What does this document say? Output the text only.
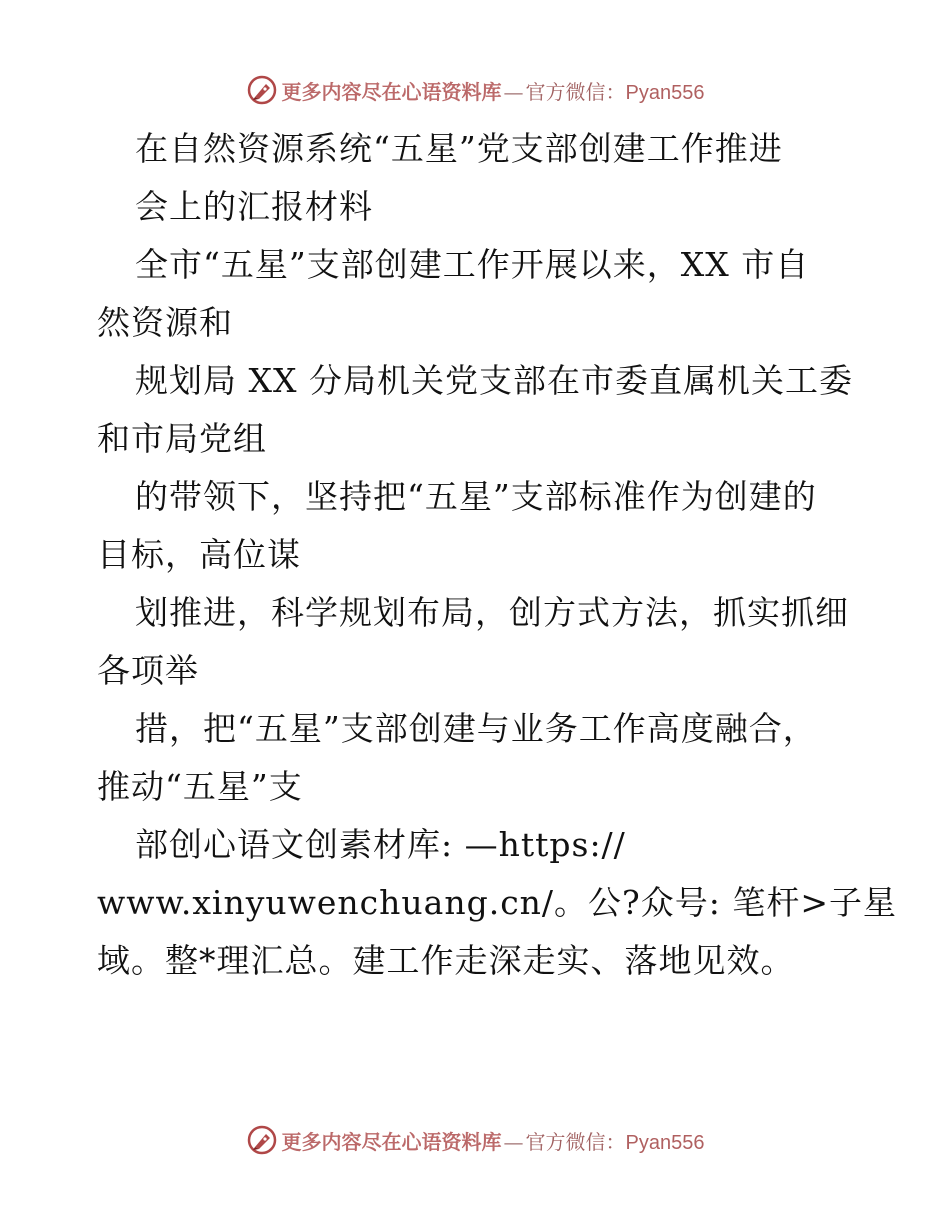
更多内容尽在心语资料库 — 官方微信： Pyan556
在自然资源系统“五星”党支部创建工作推进
会上的汇报材料
全市“五星”支部创建工作开展以来，XX 市自
然资源和
规划局 XX 分局机关党支部在市委直属机关工委
和市局党组
的带领下，坚持把“五星”支部标准作为创建的
目标，高位谋
划推进，科学规划布局，创方式方法，抓实抓细
各项举
措，把“五星”支部创建与业务工作高度融合，
推动“五星”支
部创心语文创素材库: —https://
www.xinyuwenchuang.cn/。公?众号: 笔杆>子星
域。整*理汇总。建工作走深走实、落地见效。
更多内容尽在心语资料库 — 官方微信： Pyan556
